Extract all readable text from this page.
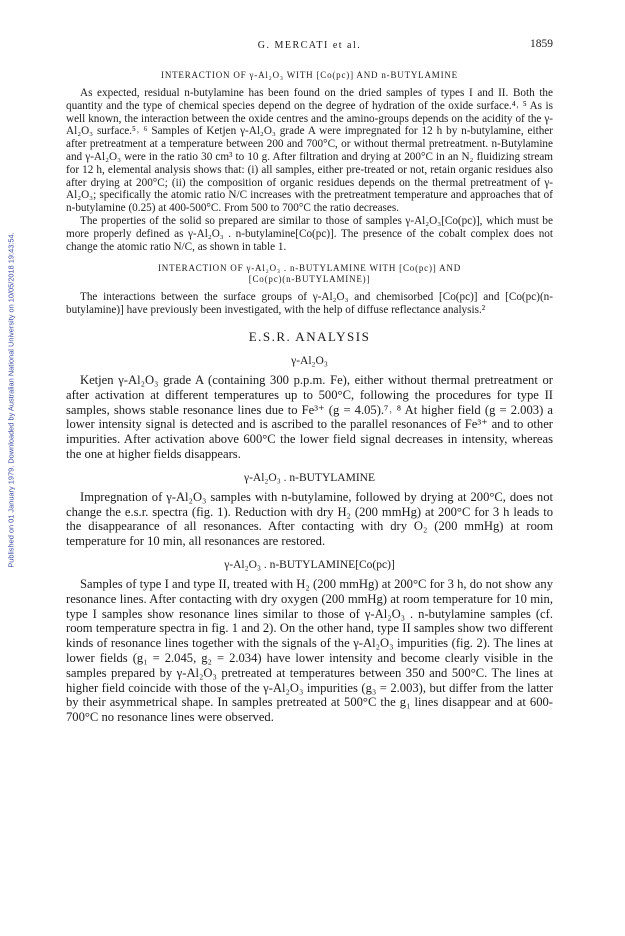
Published on 01 January 1979. Downloaded by Australian National University on 10/05/2018 19:43:54.
G. MERCATI et al.	1859
INTERACTION OF γ-Al₂O₃ WITH [Co(pc)] AND n-BUTYLAMINE

As expected, residual n-butylamine has been found on the dried samples of types I and II. Both the quantity and the type of chemical species depend on the degree of hydration of the oxide surface.⁴˒ ⁵ As is well known, the interaction between the oxide centres and the amino-groups depends on the acidity of the γ-Al₂O₃ surface.⁵˒ ⁶ Samples of Ketjen γ-Al₂O₃ grade A were impregnated for 12 h by n-butylamine, either after pretreatment at a temperature between 200 and 700°C, or without thermal pretreatment. n-Butylamine and γ-Al₂O₃ were in the ratio 30 cm³ to 10 g. After filtration and drying at 200°C in an N₂ fluidizing stream for 12 h, elemental analysis shows that: (i) all samples, either pre-treated or not, retain organic residues also after drying at 200°C; (ii) the composition of organic residues depends on the thermal pretreatment of γ-Al₂O₃; specifically the atomic ratio N/C increases with the pretreatment temperature and approaches that of n-butylamine (0.25) at 400-500°C. From 500 to 700°C the ratio decreases.

The properties of the solid so prepared are similar to those of samples γ-Al₂O₃[Co(pc)], which must be more properly defined as γ-Al₂O₃ . n-butylamine[Co(pc)]. The presence of the cobalt complex does not change the atomic ratio N/C, as shown in table 1.

INTERACTION OF γ-Al₂O₃ . n-BUTYLAMINE WITH [Co(pc)] AND
[Co(pc)(n-BUTYLAMINE)]

The interactions between the surface groups of γ-Al₂O₃ and chemisorbed [Co(pc)] and [Co(pc)(n-butylamine)] have previously been investigated, with the help of diffuse reflectance analysis.²

E.S.R. ANALYSIS
γ-Al₂O₃

Ketjen γ-Al₂O₃ grade A (containing 300 p.p.m. Fe), either without thermal pretreatment or after activation at different temperatures up to 500°C, following the procedures for type II samples, shows stable resonance lines due to Fe³⁺ (g = 4.05).⁷˒ ⁸ At higher field (g = 2.003) a lower intensity signal is detected and is ascribed to the parallel resonances of Fe³⁺ and to other impurities. After activation above 600°C the lower field signal decreases in intensity, whereas the one at higher fields disappears.

γ-Al₂O₃ . n-BUTYLAMINE

Impregnation of γ-Al₂O₃ samples with n-butylamine, followed by drying at 200°C, does not change the e.s.r. spectra (fig. 1). Reduction with dry H₂ (200 mmHg) at 200°C for 3 h leads to the disappearance of all resonances. After contacting with dry O₂ (200 mmHg) at room temperature for 10 min, all resonances are restored.

γ-Al₂O₃ . n-BUTYLAMINE[Co(pc)]

Samples of type I and type II, treated with H₂ (200 mmHg) at 200°C for 3 h, do not show any resonance lines. After contacting with dry oxygen (200 mmHg) at room temperature for 10 min, type I samples show resonance lines similar to those of γ-Al₂O₃ . n-butylamine samples (cf. room temperature spectra in fig. 1 and 2). On the other hand, type II samples show two different kinds of resonance lines together with the signals of the γ-Al₂O₃ impurities (fig. 2). The lines at lower fields (g₁ = 2.045, g₂ = 2.034) have lower intensity and become clearly visible in the samples prepared by γ-Al₂O₃ pretreated at temperatures between 350 and 500°C. The lines at higher field coincide with those of the γ-Al₂O₃ impurities (g₃ = 2.003), but differ from the latter by their asymmetrical shape. In samples pretreated at 500°C the g₁ lines disappear and at 600-700°C no resonance lines were observed.
